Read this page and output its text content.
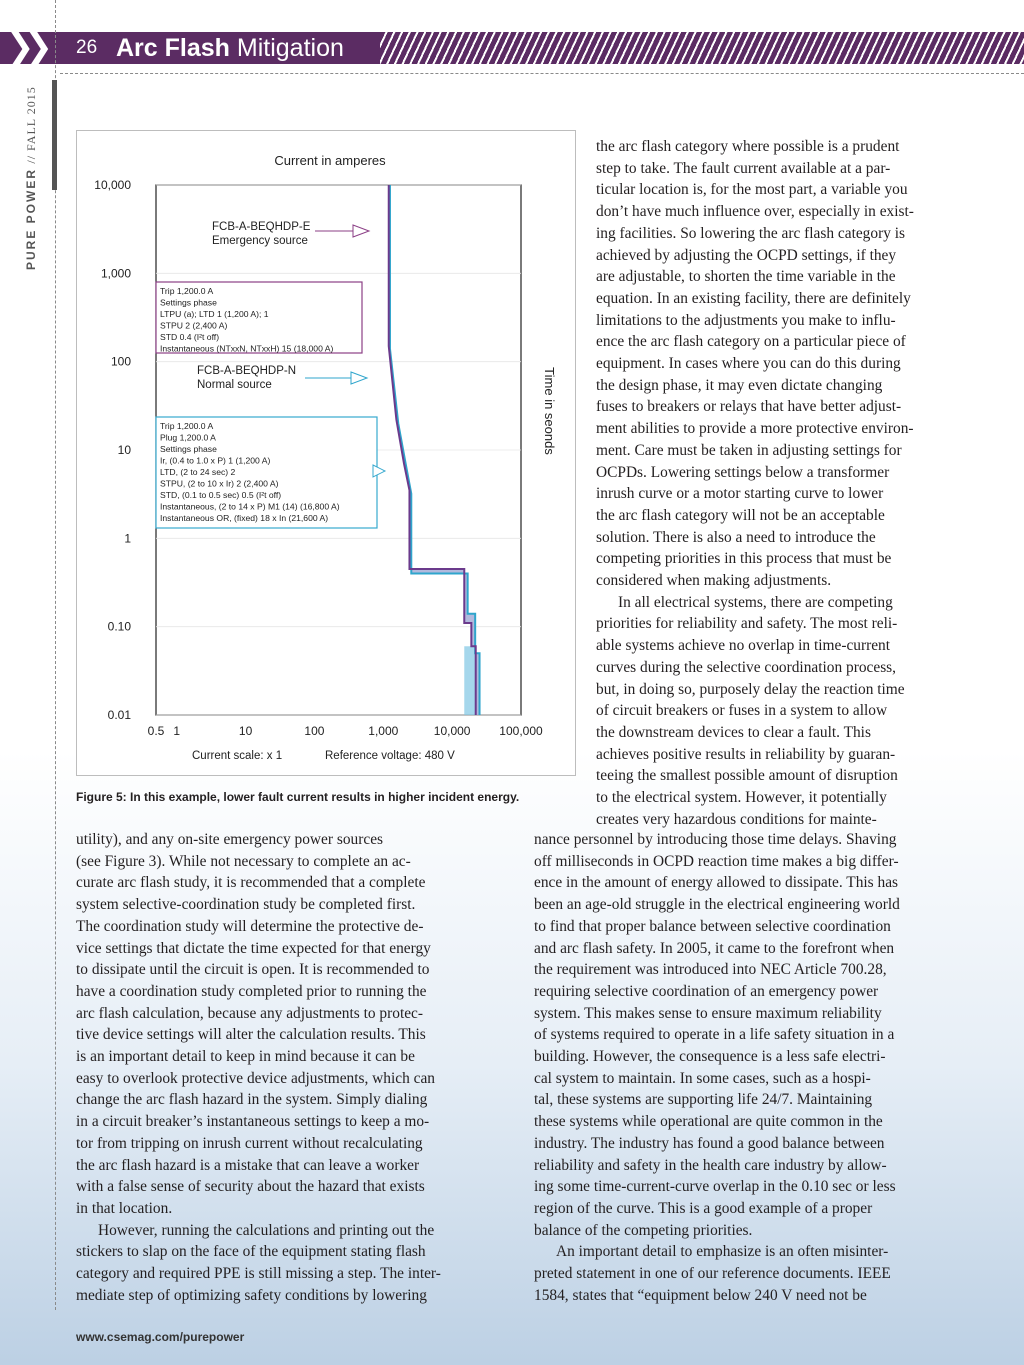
❯❯	26 Arc Flash Mitigation
PURE POWER // FALL 2015	Current in amperes
10,000
1,000
100
10
1
0.10
0.01
0.5 1	10	100	1,000	10,000 100,000
Time in seonds
Current scale: x 1	Reference voltage: 480 V
FCB-A-BEQHDP-E
Emergency source
FCB-A-BEQHDP-N
Normal source
Trip 1,200.0 A
Settings phase
LTPU (a); LTD 1 (1,200 A); 1
STPU 2 (2,400 A)
STD 0.4 (I²t off)
Instantaneous (NTxxN, NTxxH) 15 (18,000 A)
Trip 1,200.0 A
Plug 1,200.0 A
Settings phase
Ir, (0.4 to 1.0 x P) 1 (1,200 A)
LTD, (2 to 24 sec) 2
STPU, (2 to 10 x Ir) 2 (2,400 A)
STD, (0.1 to 0.5 sec) 0.5 (I²t off)
Instantaneous, (2 to 14 x P) M1 (14) (16,800 A)
Instantaneous OR, (fixed) 18 x In (21,600 A)
Figure 5: In this example, lower fault current results in higher incident energy.
the arc flash category where possible is a prudent
step to take. The fault current available at a par-
ticular location is, for the most part, a variable you
don’t have much influence over, especially in exist-
ing facilities. So lowering the arc flash category is
achieved by adjusting the OCPD settings, if they
are adjustable, to shorten the time variable in the
equation. In an existing facility, there are definitely
limitations to the adjustments you make to influ-
ence the arc flash category on a particular piece of
equipment. In cases where you can do this during
the design phase, it may even dictate changing
fuses to breakers or relays that have better adjust-
ment abilities to provide a more protective environ-
ment. Care must be taken in adjusting settings for
OCPDs. Lowering settings below a transformer
inrush curve or a motor starting curve to lower
the arc flash category will not be an acceptable
solution. There is also a need to introduce the
competing priorities in this process that must be
considered when making adjustments.
In all electrical systems, there are competing
priorities for reliability and safety. The most reli-
able systems achieve no overlap in time-current
curves during the selective coordination process,
but, in doing so, purposely delay the reaction time
of circuit breakers or fuses in a system to allow
the downstream devices to clear a fault. This
achieves positive results in reliability by guaran-
teeing the smallest possible amount of disruption
to the electrical system. However, it potentially
creates very hazardous conditions for mainte-
nance personnel by introducing those time delays. Shaving
off milliseconds in OCPD reaction time makes a big differ-
ence in the amount of energy allowed to dissipate. This has
been an age-old struggle in the electrical engineering world
to find that proper balance between selective coordination
and arc flash safety. In 2005, it came to the forefront when
the requirement was introduced into NEC Article 700.28,
requiring selective coordination of an emergency power
system. This makes sense to ensure maximum reliability
of systems required to operate in a life safety situation in a
building. However, the consequence is a less safe electri-
cal system to maintain. In some cases, such as a hospi-
tal, these systems are supporting life 24/7. Maintaining
these systems while operational are quite common in the
industry. The industry has found a good balance between
reliability and safety in the health care industry by allow-
ing some time-current-curve overlap in the 0.10 sec or less
region of the curve. This is a good example of a proper
balance of the competing priorities.
An important detail to emphasize is an often misinter-
preted statement in one of our reference documents. IEEE
1584, states that “equipment below 240 V need not be
utility), and any on-site emergency power sources
(see Figure 3). While not necessary to complete an ac-
curate arc flash study, it is recommended that a complete
system selective-coordination study be completed first.
The coordination study will determine the protective de-
vice settings that dictate the time expected for that energy
to dissipate until the circuit is open. It is recommended to
have a coordination study completed prior to running the
arc flash calculation, because any adjustments to protec-
tive device settings will alter the calculation results. This
is an important detail to keep in mind because it can be
easy to overlook protective device adjustments, which can
change the arc flash hazard in the system. Simply dialing
in a circuit breaker’s instantaneous settings to keep a mo-
tor from tripping on inrush current without recalculating
the arc flash hazard is a mistake that can leave a worker
with a false sense of security about the hazard that exists
in that location.
However, running the calculations and printing out the
stickers to slap on the face of the equipment stating flash
category and required PPE is still missing a step. The inter-
mediate step of optimizing safety conditions by lowering
www.csemag.com/purepower
